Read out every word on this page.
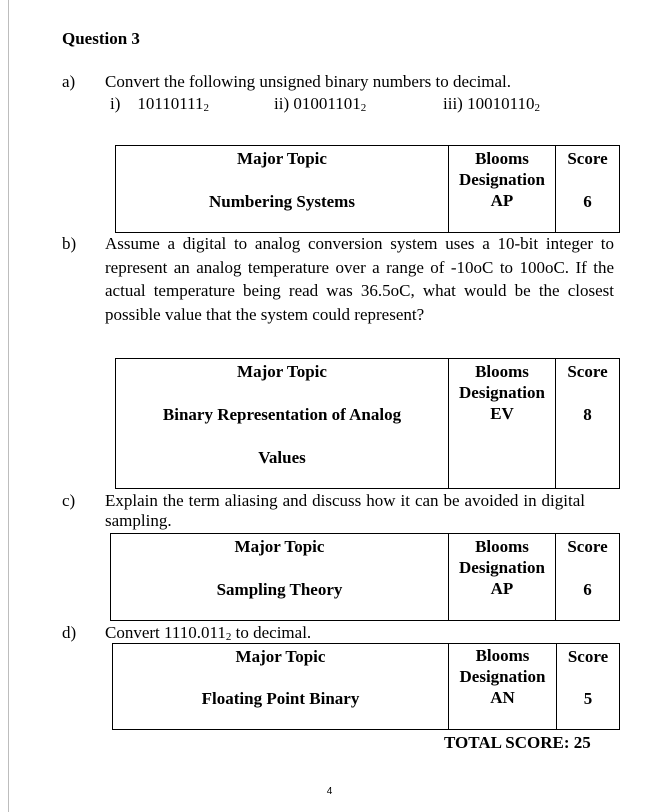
Question 3
a) Convert the following unsigned binary numbers to decimal.
i) $10110111_2$	ii) $01001101_2$	iii) $10010110_2$
Major Topic
Numbering Systems
Blooms
Designation
AP
Score
6
b) Assume a digital to analog conversion system uses a 10-bit integer to represent an analog temperature over a range of -10oC to 100oC. If the actual temperature being read was 36.5oC, what would be the closest possible value that the system could represent?
Major Topic
Binary Representation of Analog
Values
Blooms
Designation
EV
Score
8
c) Explain the term aliasing and discuss how it can be avoided in digital sampling.
Major Topic
Sampling Theory
Blooms
Designation
AP
Score
6
d) Convert $1110.011_2$ to decimal.
Major Topic
Floating Point Binary
Blooms
Designation
AN
Score
5
TOTAL SCORE: 25
4
